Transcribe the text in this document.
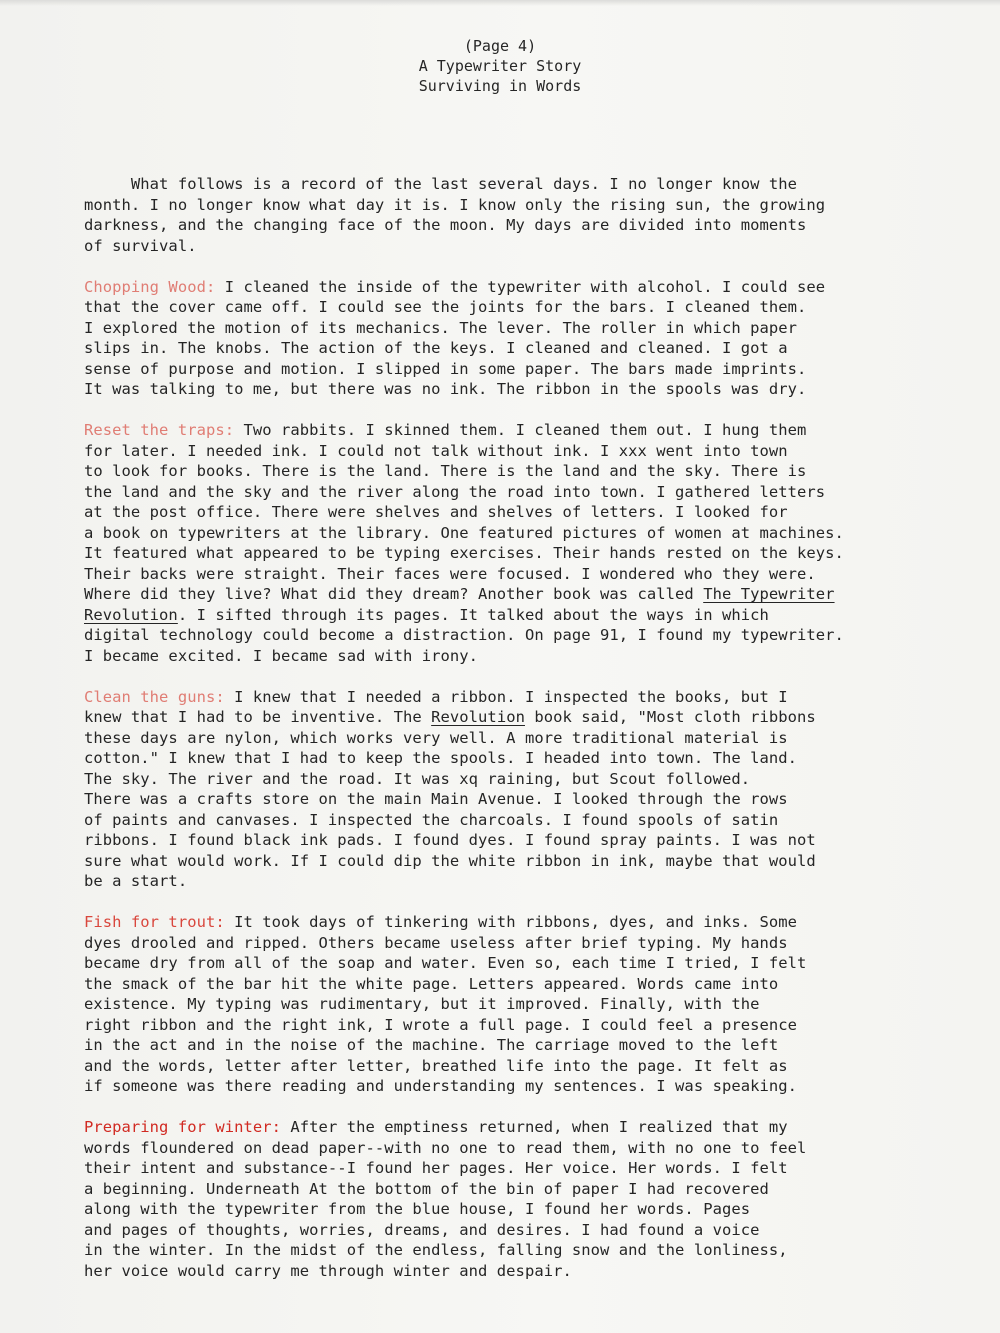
(Page 4)
A Typewriter Story
Surviving in Words
What follows is a record of the last several days. I no longer know the
month. I no longer know what day it is. I know only the rising sun, the growing
darkness, and the changing face of the moon. My days are divided into moments
of survival.
Chopping Wood: I cleaned the inside of the typewriter with alcohol. I could see
that the cover came off. I could see the joints for the bars. I cleaned them.
I explored the motion of its mechanics. The lever. The roller in which paper
slips in. The knobs. The action of the keys. I cleaned and cleaned. I got a
sense of purpose and motion. I slipped in some paper. The bars made imprints.
It was talking to me, but there was no ink. The ribbon in the spools was dry.
Reset the traps: Two rabbits. I skinned them. I cleaned them out. I hung them
for later. I needed ink. I could not talk without ink. I xxx went into town
to look for books. There is the land. There is the land and the sky. There is
the land and the sky and the river along the road into town. I gathered letters
at the post office. There were shelves and shelves of letters. I looked for
a book on typewriters at the library. One featured pictures of women at machines.
It featured what appeared to be typing exercises. Their hands rested on the keys.
Their backs were straight. Their faces were focused. I wondered who they were.
Where did they live? What did they dream? Another book was called The Typewriter
Revolution. I sifted through its pages. It talked about the ways in which
digital technology could become a distraction. On page 91, I found my typewriter.
I became excited. I became sad with irony.
Clean the guns: I knew that I needed a ribbon. I inspected the books, but I
knew that I had to be inventive. The Revolution book said, "Most cloth ribbons
these days are nylon, which works very well. A more traditional material is
cotton." I knew that I had to keep the spools. I headed into town. The land.
The sky. The river and the road. It was xq raining, but Scout followed.
There was a crafts store on the main Main Avenue. I looked through the rows
of paints and canvases. I inspected the charcoals. I found spools of satin
ribbons. I found black ink pads. I found dyes. I found spray paints. I was not
sure what would work. If I could dip the white ribbon in ink, maybe that would
be a start.
Fish for trout: It took days of tinkering with ribbons, dyes, and inks. Some
dyes drooled and ripped. Others became useless after brief typing. My hands
became dry from all of the soap and water. Even so, each time I tried, I felt
the smack of the bar hit the white page. Letters appeared. Words came into
existence. My typing was rudimentary, but it improved. Finally, with the
right ribbon and the right ink, I wrote a full page. I could feel a presence
in the act and in the noise of the machine. The carriage moved to the left
and the words, letter after letter, breathed life into the page. It felt as
if someone was there reading and understanding my sentences. I was speaking.
Preparing for winter: After the emptiness returned, when I realized that my
words floundered on dead paper--with no one to read them, with no one to feel
their intent and substance--I found her pages. Her voice. Her words. I felt
a beginning. Underneath At the bottom of the bin of paper I had recovered
along with the typewriter from the blue house, I found her words. Pages
and pages of thoughts, worries, dreams, and desires. I had found a voice
in the winter. In the midst of the endless, falling snow and the lonliness,
her voice would carry me through winter and despair.
